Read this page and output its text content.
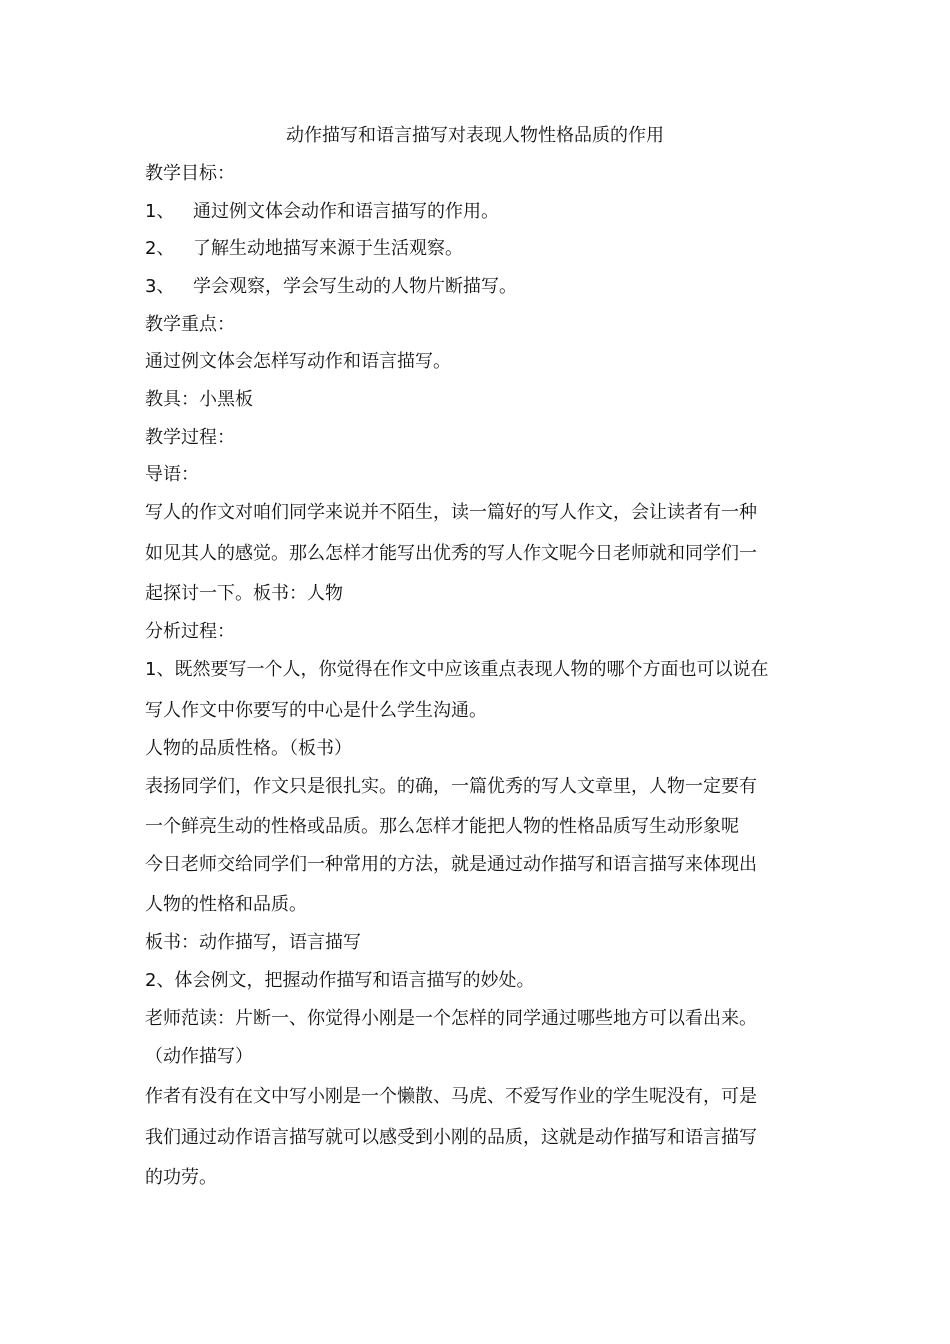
动作描写和语言描写对表现人物性格品质的作用
教学目标：
1、 通过例文体会动作和语言描写的作用。
2、 了解生动地描写来源于生活观察。
3、 学会观察，学会写生动的人物片断描写。
教学重点：
通过例文体会怎样写动作和语言描写。
教具：小黑板
教学过程：
导语：
写人的作文对咱们同学来说并不陌生，读一篇好的写人作文，会让读者有一种
如见其人的感觉。那么怎样才能写出优秀的写人作文呢今日老师就和同学们一
起探讨一下。板书：人物
分析过程：
1、既然要写一个人，你觉得在作文中应该重点表现人物的哪个方面也可以说在
写人作文中你要写的中心是什么学生沟通。
人物的品质性格。（板书）
表扬同学们，作文只是很扎实。的确，一篇优秀的写人文章里，人物一定要有
一个鲜亮生动的性格或品质。那么怎样才能把人物的性格品质写生动形象呢
今日老师交给同学们一种常用的方法，就是通过动作描写和语言描写来体现出
人物的性格和品质。
板书：动作描写，语言描写
2、体会例文，把握动作描写和语言描写的妙处。
老师范读：片断一、你觉得小刚是一个怎样的同学通过哪些地方可以看出来。
（动作描写）
作者有没有在文中写小刚是一个懒散、马虎、不爱写作业的学生呢没有，可是
我们通过动作语言描写就可以感受到小刚的品质，这就是动作描写和语言描写
的功劳。
